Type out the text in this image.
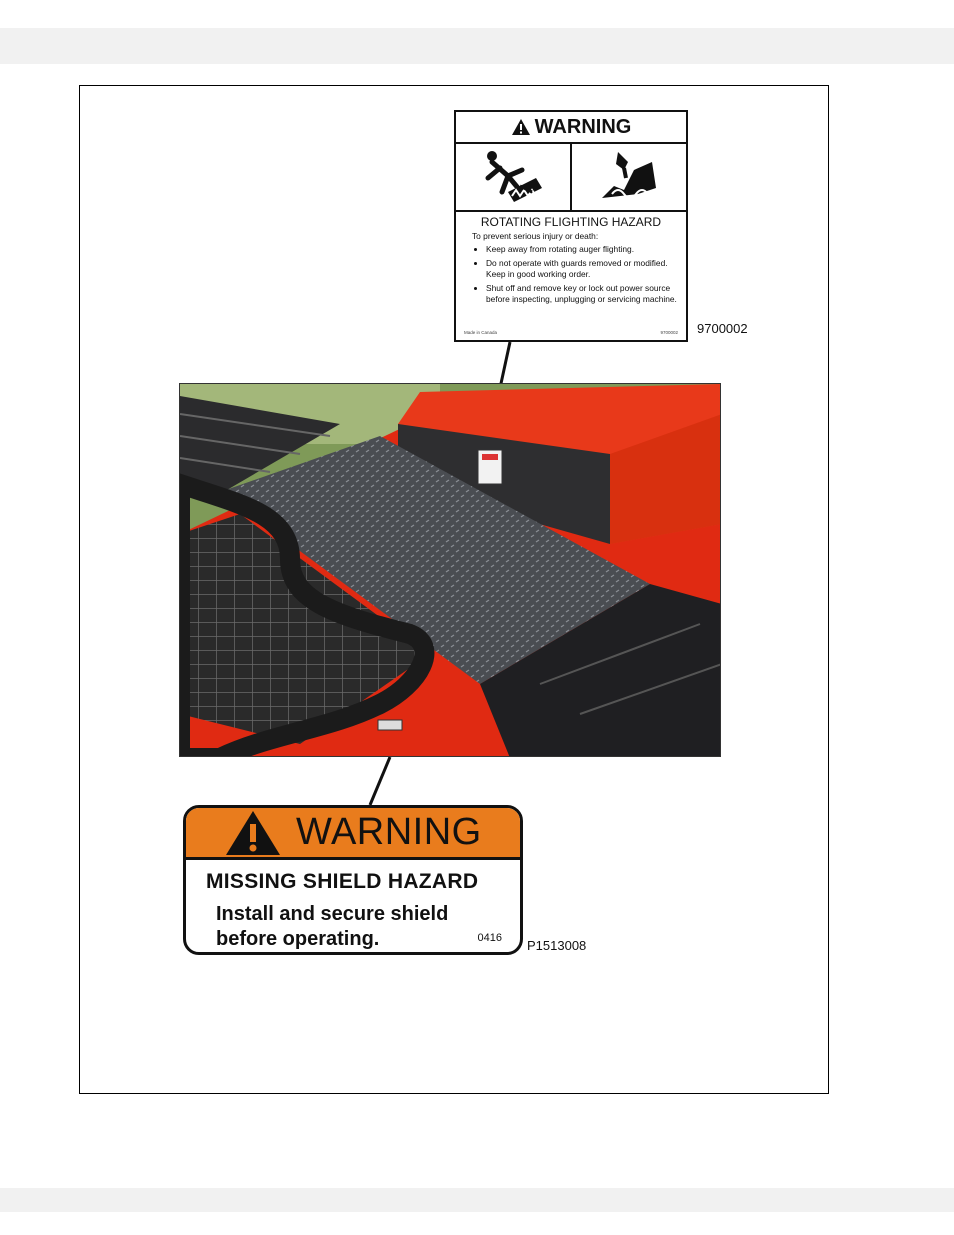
WARNING
ROTATING FLIGHTING HAZARD
To prevent serious injury or death:
• Keep away from rotating auger flighting.
• Do not operate with guards removed or modified. Keep in good working order.
• Shut off and remove key or lock out power source before inspecting, unplugging or servicing machine.
Made in Canada	9700002 9700002
WARNING
MISSING SHIELD HAZARD
Install and secure shield
before operating.	0416 P1513008
